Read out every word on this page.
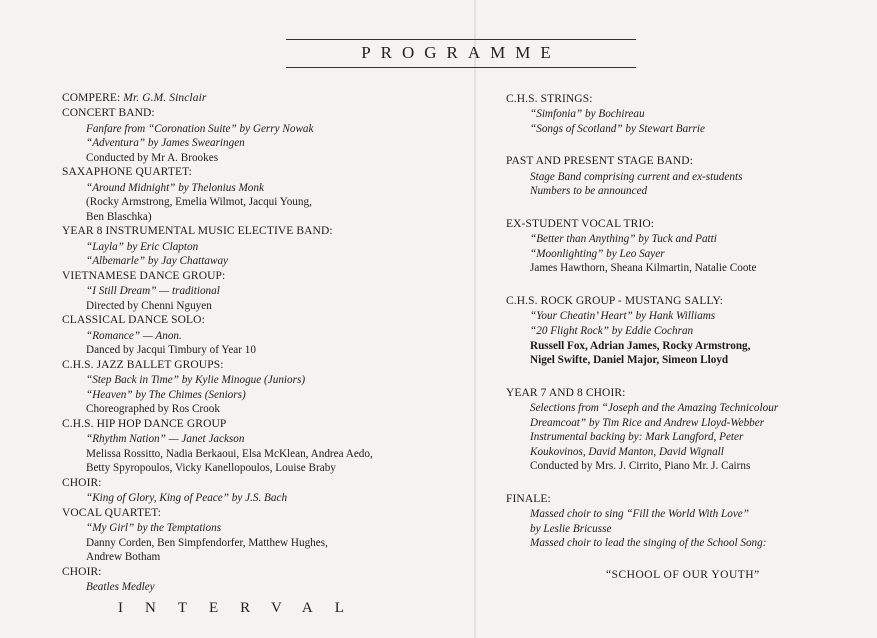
PROGRAMME
COMPERE: Mr. G.M. Sinclair
CONCERT BAND:
Fanfare from “Coronation Suite” by Gerry Nowak
“Adventura” by James Swearingen
Conducted by Mr A. Brookes
SAXAPHONE QUARTET:
“Around Midnight” by Thelonius Monk
(Rocky Armstrong, Emelia Wilmot, Jacqui Young,
Ben Blaschka)
YEAR 8 INSTRUMENTAL MUSIC ELECTIVE BAND:
“Layla” by Eric Clapton
“Albemarle” by Jay Chattaway
VIETNAMESE DANCE GROUP:
“I Still Dream” — traditional
Directed by Chenni Nguyen
CLASSICAL DANCE SOLO:
“Romance” — Anon.
Danced by Jacqui Timbury of Year 10
C.H.S. JAZZ BALLET GROUPS:
“Step Back in Time” by Kylie Minogue (Juniors)
“Heaven” by The Chimes (Seniors)
Choreographed by Ros Crook
C.H.S. HIP HOP DANCE GROUP
“Rhythm Nation” — Janet Jackson
Melissa Rossitto, Nadia Berkaoui, Elsa McKlean, Andrea Aedo,
Betty Spyropoulos, Vicky Kanellopoulos, Louise Braby
CHOIR:
“King of Glory, King of Peace” by J.S. Bach
VOCAL QUARTET:
“My Girl” by the Temptations
Danny Corden, Ben Simpfendorfer, Matthew Hughes,
Andrew Botham
CHOIR:
Beatles Medley
INTERVAL
C.H.S. STRINGS:
“Simfonia” by Bochireau
“Songs of Scotland” by Stewart Barrie
PAST AND PRESENT STAGE BAND:
Stage Band comprising current and ex-students
Numbers to be announced
EX-STUDENT VOCAL TRIO:
“Better than Anything” by Tuck and Patti
“Moonlighting” by Leo Sayer
James Hawthorn, Sheana Kilmartin, Natalie Coote
C.H.S. ROCK GROUP - MUSTANG SALLY:
“Your Cheatin’ Heart” by Hank Williams
“20 Flight Rock” by Eddie Cochran
Russell Fox, Adrian James, Rocky Armstrong,
Nigel Swifte, Daniel Major, Simeon Lloyd
YEAR 7 AND 8 CHOIR:
Selections from “Joseph and the Amazing Technicolour
Dreamcoat” by Tim Rice and Andrew Lloyd-Webber
Instrumental backing by: Mark Langford, Peter
Koukovinos, David Manton, David Wignall
Conducted by Mrs. J. Cirrito, Piano Mr. J. Cairns
FINALE:
Massed choir to sing “Fill the World With Love”
by Leslie Bricusse
Massed choir to lead the singing of the School Song:
“SCHOOL OF OUR YOUTH”
